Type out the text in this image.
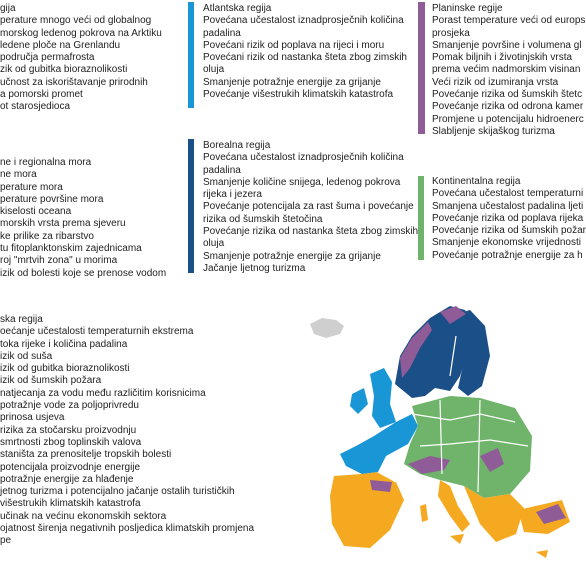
gija
perature mnogo veći od globalnog
morskog ledenog pokrova na Arktiku
ledene ploče na Grenlandu
područja permafrosta
zik od gubitka bioraznolikosti
učnost za iskorištavanje prirodnih
a pomorski promet
ot starosjedioca
Atlantska regija
Povećana učestalost iznadprosječnih količina
padalina
Povećani rizik od poplava na rijeci i moru
Povećani rizik od nastanka šteta zbog zimskih
oluja
Smanjenje potražnje energije za grijanje
Povećanje višestrukih klimatskih katastrofa
Planinske regije
Porast temperature veći od europs
prosjeka
Smanjenje površine i volumena gl
Pomak biljnih i životinjskih vrsta
prema većim nadmorskim visinan
Veći rizik od izumiranja vrsta
Povećanje rizika od šumskih štetc
Povećanje rizika od odrona kamer
Promjene u potencijalu hidroenerc
Slabljenje skijaškog turizma
ne i regionalna mora
ne mora
perature mora
perature površine mora
kiselosti oceana
morskih vrsta prema sjeveru
ke prilike za ribarstvo
tu fitoplanktonskim zajednicama
roj "mrtvih zona" u morima
izik od bolesti koje se prenose vodom
Borealna regija
Povećana učestalost iznadprosječnih količina
padalina
Smanjenje količine snijega, ledenog pokrova
rijeka i jezera
Povećanje potencijala za rast šuma i povećanje
rizika od šumskih štetočina
Povećanje rizika od nastanka šteta zbog zimskih
oluja
Smanjenje potražnje energije za grijanje
Jačanje ljetnog turizma
Kontinentalna regija
Povećana učestalost temperaturni
Smanjena učestalost padalina ljeti
Povećanje rizika od poplava rijeka
Povećanje rizika od šumskih požar
Smanjenje ekonomske vrijednosti
Povećanje potražnje energije za h
ska regija
oećanje učestalosti temperaturnih ekstrema
toka rijeke i količina padalina
izik od suša
izik od gubitka bioraznolikosti
izik od šumskih požara
natjecanja za vodu među različitim korisnicima
potražnje vode za poljoprivredu
prinosa usjeva
rizika za stočarsku proizvodnju
smrtnosti zbog toplinskih valova
staništa za prenositelje tropskih bolesti
potencijala proizvodnje energije
potražnje energije za hlađenje
jetnog turizma i potencijalno jačanje ostalih turističkih
višestrukih klimatskih katastrofa
učinak na većinu ekonomskih sektora
ojatnost širenja negativnih posljedica klimatskih promjena
pe
